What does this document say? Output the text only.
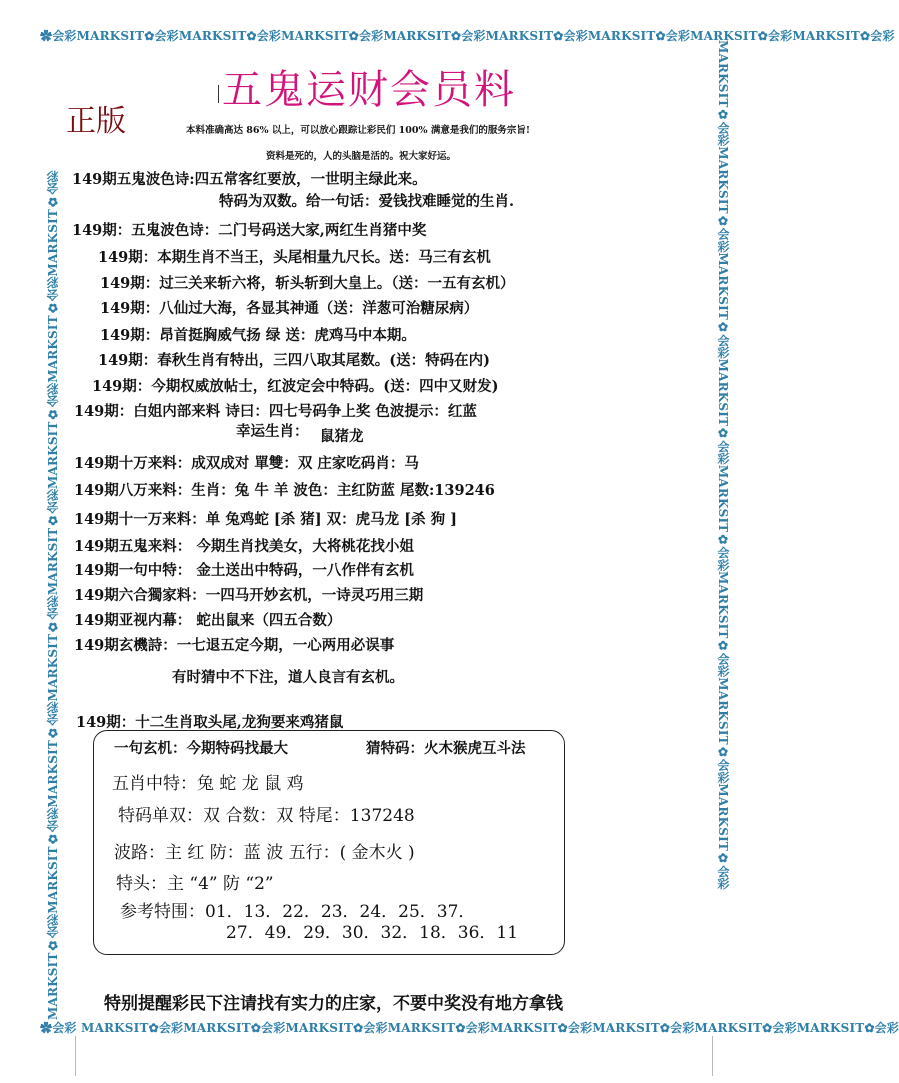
✿会彩MARKSIT✿会彩MARKSIT✿会彩MARKSIT✿会彩MARKSIT✿会彩MARKSIT✿会彩MARKSIT✿会彩MARKSIT✿会彩MARKSIT✿会彩
✿会彩 MARKSIT✿会彩MARKSIT✿会彩MARKSIT✿会彩MARKSIT✿会彩MARKSIT✿会彩MARKSIT✿会彩MARKSIT✿会彩MARKSIT✿会彩
MARKSIT✿会彩MARKSIT✿会彩MARKSIT✿会彩MARKSIT✿会彩MARKSIT✿会彩MARKSIT✿会彩MARKSIT✿会彩MARKSIT✿会彩	MARKSIT✿会彩MARKSIT✿会彩MARKSIT✿会彩MARKSIT✿会彩MARKSIT✿会彩MARKSIT✿会彩MARKSIT✿会彩MARKSIT✿会彩
五鬼运财会员料
正版	本料准确高达 86% 以上，可以放心跟踪让彩民们 100% 满意是我们的服务宗旨!
资料是死的，人的头脑是活的。祝大家好运。
149期五鬼波色诗:四五常客红要放，一世明主绿此来。
特码为双数。给一句话：爱钱找难睡觉的生肖.
149期：五鬼波色诗：二门号码送大家,两红生肖猪中奖
149期：本期生肖不当王，头尾相量九尺长。送：马三有玄机
149期：过三关来斩六将，斩头斩到大皇上。（送：一五有玄机）
149期：八仙过大海，各显其神通（送：洋葱可治糖尿病）
149期：昂首挺胸威气扬 绿 送：虎鸡马中本期。
149期：春秋生肖有特出，三四八取其尾数。(送：特码在内)
149期：今期权威放帖士，红波定会中特码。(送：四中又财发)
149期：白姐内部来料 诗曰：四七号码争上奖 色波提示：红蓝
幸运生肖： 鼠猪龙
149期十万来料：成双成对 單雙：双 庄家吃码肖：马
149期八万来料：生肖：兔 牛 羊 波色：主红防蓝 尾数:139246
149期十一万来料：单 兔鸡蛇 [杀 猪] 双：虎马龙 [杀 狗 ]
149期五鬼来料： 今期生肖找美女，大将桃花找小姐
149期一句中特： 金土送出中特码，一八作伴有玄机
149期六合獨家料：一四马开妙玄机，一诗灵巧用三期
149期亚视内幕： 蛇出鼠来（四五合数）
149期玄機詩：一七退五定今期，一心两用必误事
有时猜中不下注，道人良言有玄机。
149期：十二生肖取头尾,龙狗要来鸡猪鼠
一句玄机：今期特码找最大	猜特码：火木猴虎互斗法
五肖中特：兔 蛇 龙 鼠 鸡
特码单双：双 合数：双 特尾：137248
波路：主 红 防：蓝 波 五行：( 金木火 )
特头：主 “4” 防 “2”
参考特围：01．13．22．23．24．25．37．
27．49．29．30．32．18．36．11
特别提醒彩民下注请找有实力的庄家，不要中奖没有地方拿钱
